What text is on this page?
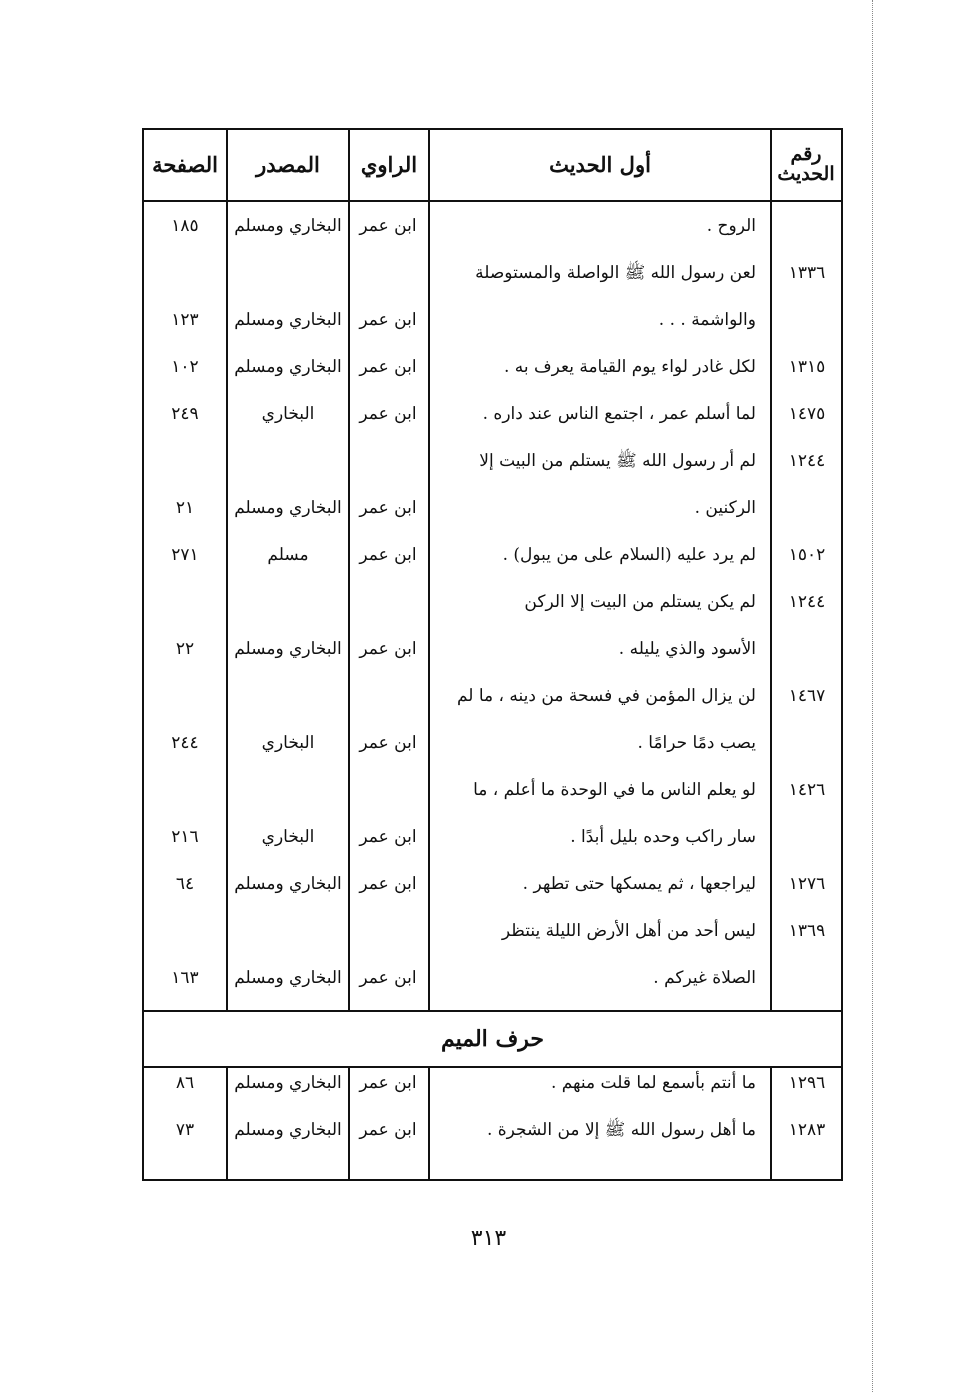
رقم الحديث
أول الحديث
الراوي
المصدر
الصفحة
الروح .
ابن عمر
البخاري ومسلم
١٨٥
١٣٣٦
لعن رسول الله ﷺ الواصلة والمستوصلة
والواشمة . . .
ابن عمر
البخاري ومسلم
١٢٣
١٣١٥
لكل غادر لواء يوم القيامة يعرف به .
ابن عمر
البخاري ومسلم
١٠٢
١٤٧٥
لما أسلم عمر ، اجتمع الناس عند داره .
ابن عمر
البخاري
٢٤٩
١٢٤٤
لم أر رسول الله ﷺ يستلم من البيت إلا
الركنين .
ابن عمر
البخاري ومسلم
٢١
١٥٠٢
لم يرد عليه (السلام على من يبول) .
ابن عمر
مسلم
٢٧١
١٢٤٤
لم يكن يستلم من البيت إلا الركن
الأسود والذي يليله .
ابن عمر
البخاري ومسلم
٢٢
١٤٦٧
لن يزال المؤمن في فسحة من دينه ، ما لم
يصب دمًا حرامًا .
ابن عمر
البخاري
٢٤٤
١٤٢٦
لو يعلم الناس ما في الوحدة ما أعلم ، ما
سار راكب وحده بليل أبدًا .
ابن عمر
البخاري
٢١٦
١٢٧٦
ليراجعها ، ثم يمسكها حتى تطهر .
ابن عمر
البخاري ومسلم
٦٤
١٣٦٩
ليس أحد من أهل الأرض الليلة ينتظر
الصلاة غيركم .
ابن عمر
البخاري ومسلم
١٦٣
حرف الميم
١٢٩٦
ما أنتم بأسمع لما قلت منهم .
ابن عمر
البخاري ومسلم
٨٦
١٢٨٣
ما أهل رسول الله ﷺ إلا من الشجرة .
ابن عمر
البخاري ومسلم
٧٣
٣١٣
